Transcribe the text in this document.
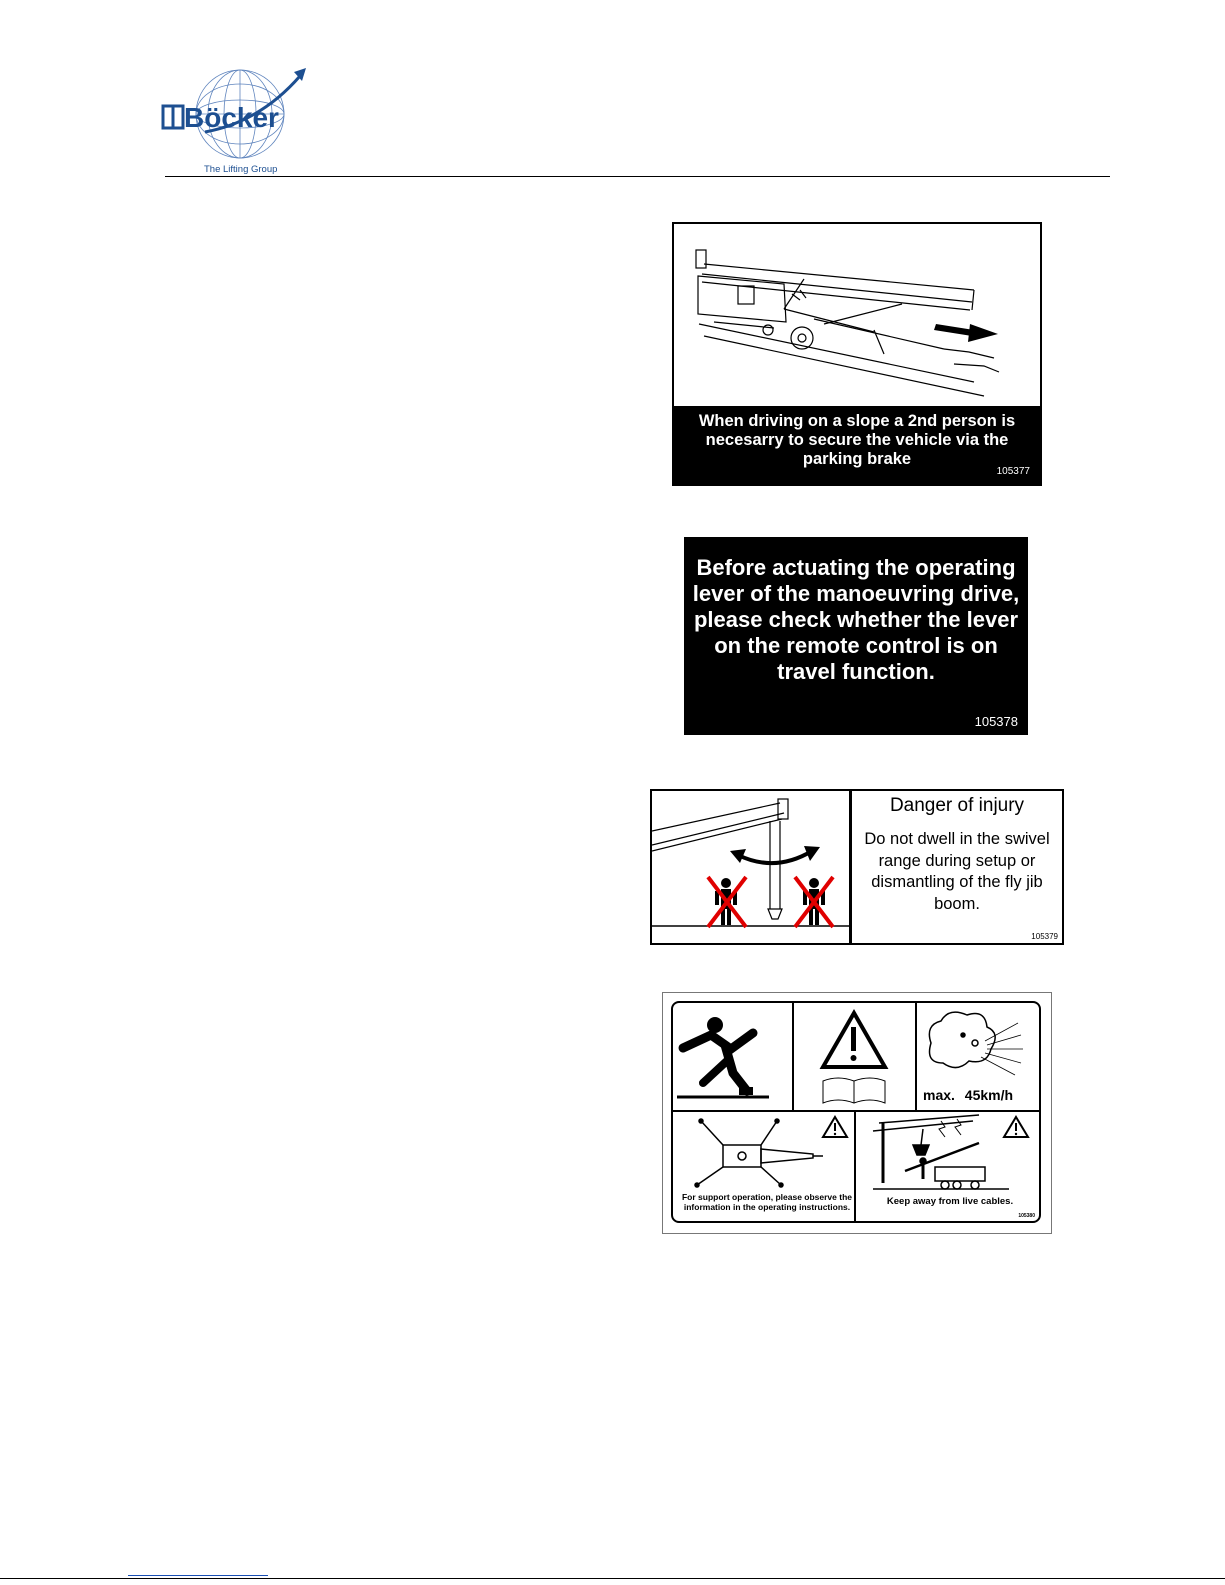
Böcker
The Lifting Group
When driving on a slope a 2nd person is necesarry to secure the vehicle via the parking brake
105377
Before actuating the operating lever of the manoeuvring drive, please check whether the lever on the remote control is on travel function.
105378
Danger of injury
Do not dwell in the swivel range during setup or dismantling of the fly jib boom.
105379
max. 45km/h
For support operation, please observe the information in the operating instructions.	Keep away from live cables.
105380
